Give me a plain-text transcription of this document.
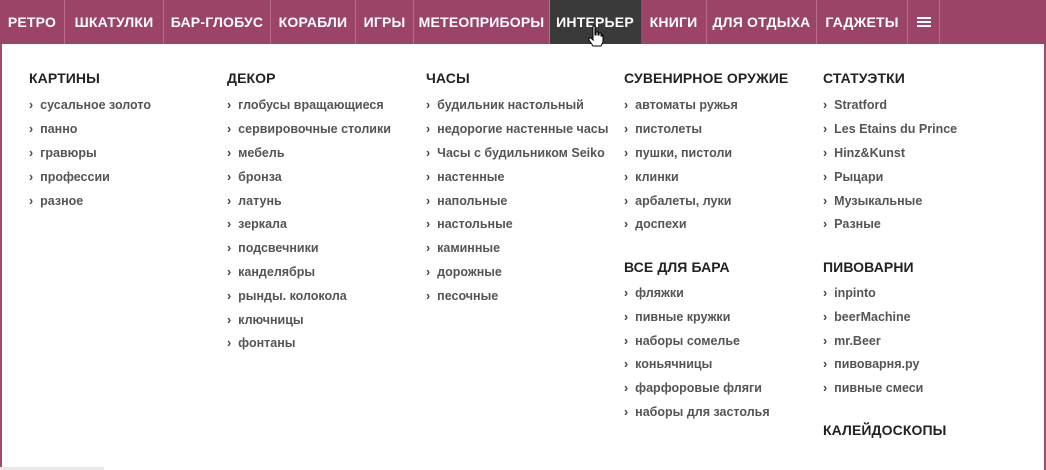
РЕТРО	ШКАТУЛКИ	БАР-ГЛОБУС	КОРАБЛИ	ИГРЫ МЕТЕОПРИБОРЫ ИНТЕРЬЕР	КНИГИ	ДЛЯ ОТДЫХА	ГАДЖЕТЫ
КАРТИНЫ
› сусальное золото
› панно
› гравюры
› профессии
› разное
ДЕКОР
› глобусы вращающиеся
› сервировочные столики
› мебель
› бронза
› латунь
› зеркала
› подсвечники
› канделябры
› рынды. колокола
› ключницы
› фонтаны
ЧАСЫ
› будильник настольный
› недорогие настенные часы
› Часы с будильником Seiko
› настенные
› напольные
› настольные
› каминные
› дорожные
› песочные
СУВЕНИРНОЕ ОРУЖИЕ
› автоматы ружья
› пистолеты
› пушки, пистоли
› клинки
› арбалеты, луки
› доспехи
ВСЕ ДЛЯ БАРА
› фляжки
› пивные кружки
› наборы сомелье
› коньячницы
› фарфоровые фляги
› наборы для застолья
СТАТУЭТКИ
› Stratford
› Les Etains du Prince
› Hinz&Kunst
› Рыцари
› Музыкальные
› Разные
ПИВОВАРНИ
› inpinto
› beerMachine
› mr.Beer
› пивоварня.ру
› пивные смеси
КАЛЕЙДОСКОПЫ
